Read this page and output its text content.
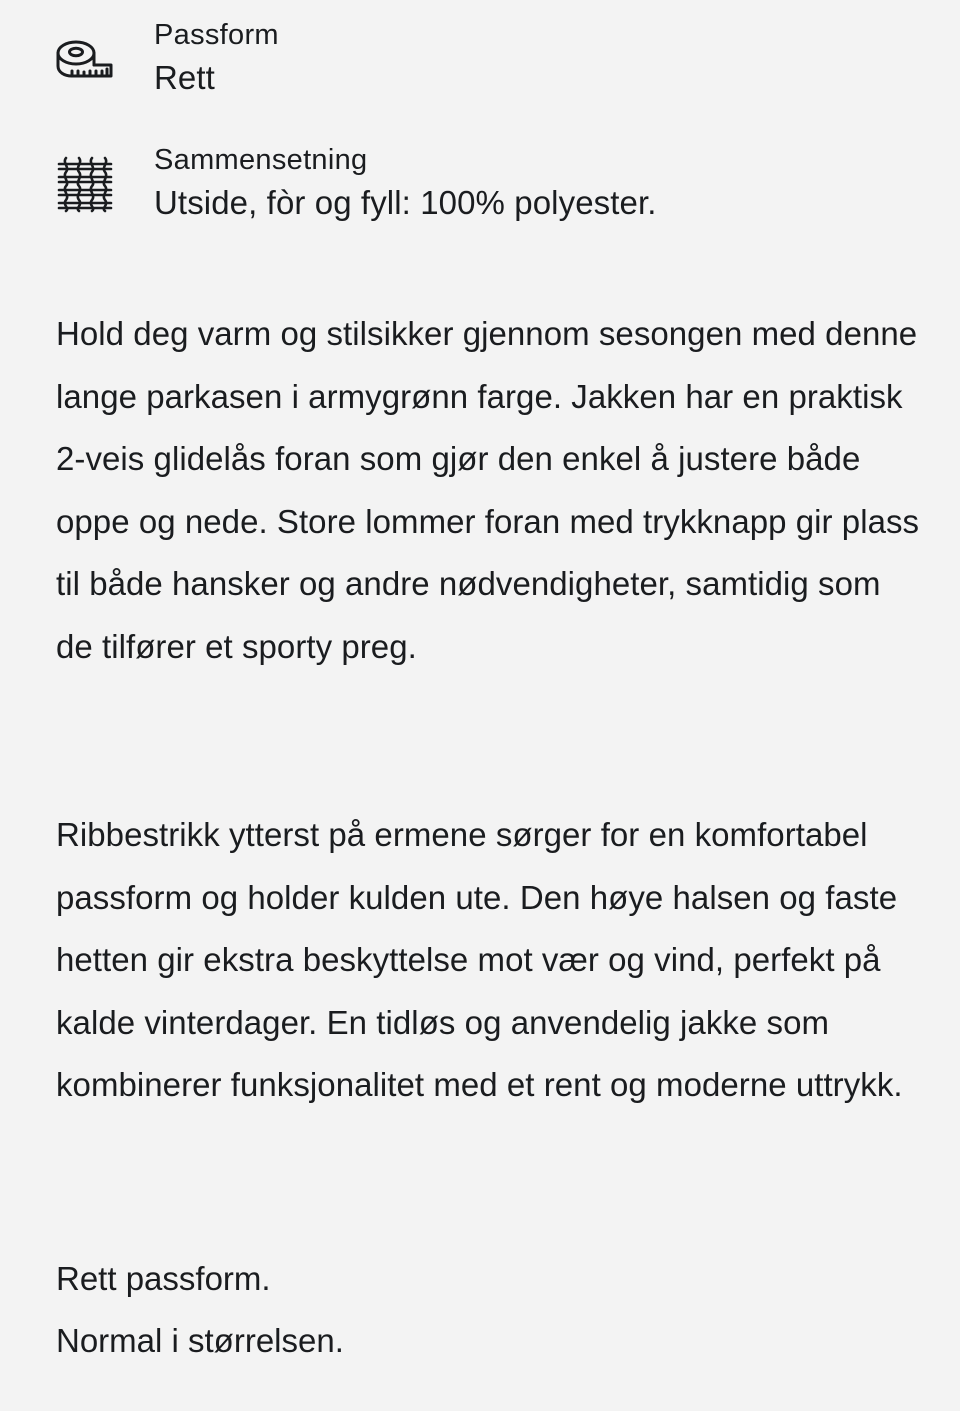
Passform
Rett
Sammensetning
Utside, fòr og fyll: 100% polyester.

Hold deg varm og stilsikker gjennom sesongen med denne lange parkasen i armygrønn farge. Jakken har en praktisk 2-veis glidelås foran som gjør den enkel å justere både oppe og nede. Store lommer foran med trykknapp gir plass til både hansker og andre nødvendigheter, samtidig som de tilfører et sporty preg.

Ribbestrikk ytterst på ermene sørger for en komfortabel passform og holder kulden ute. Den høye halsen og faste hetten gir ekstra beskyttelse mot vær og vind, perfekt på kalde vinterdager. En tidløs og anvendelig jakke som kombinerer funksjonalitet med et rent og moderne uttrykk.

Rett passform.
Normal i størrelsen.
